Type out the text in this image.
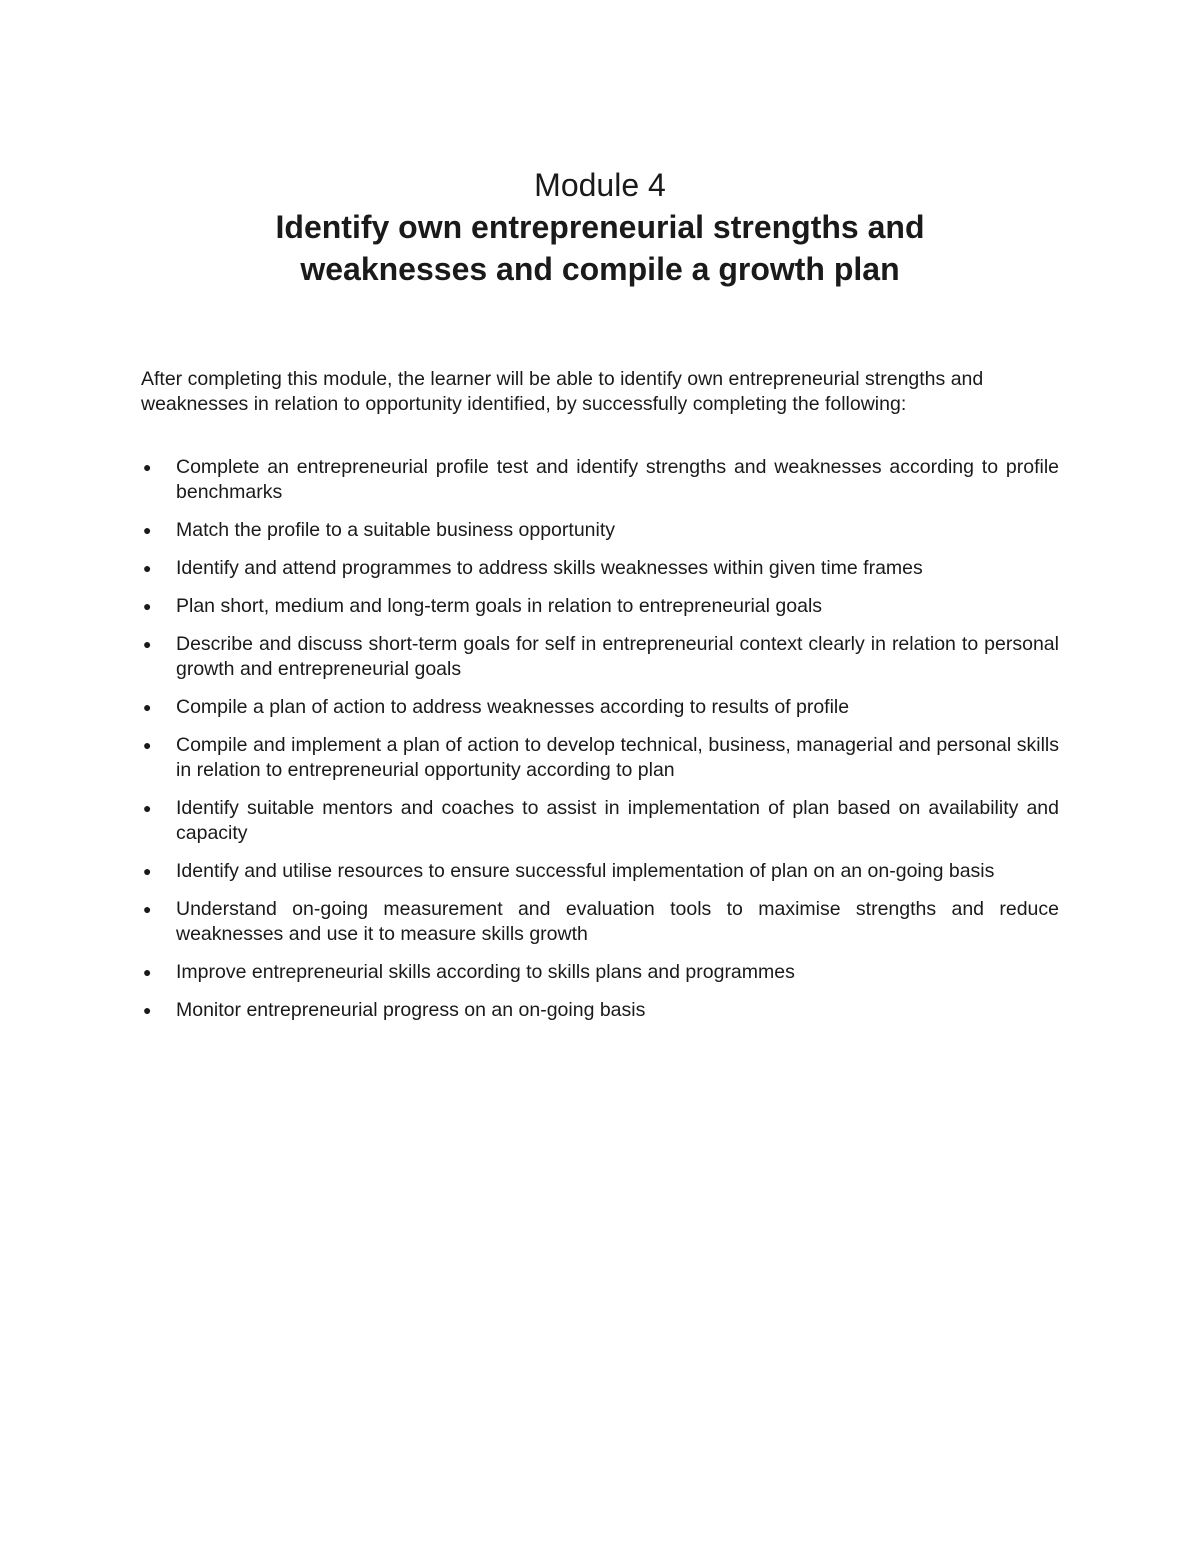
Module 4

Identify own entrepreneurial strengths and

weaknesses and compile a growth plan

After completing this module, the learner will be able to identify own entrepreneurial strengths and weaknesses in relation to opportunity identified, by successfully completing the following:

● Complete an entrepreneurial profile test and identify strengths and weaknesses according to profile benchmarks
● Match the profile to a suitable business opportunity
● Identify and attend programmes to address skills weaknesses within given time frames
● Plan short, medium and long-term goals in relation to entrepreneurial goals
● Describe and discuss short-term goals for self in entrepreneurial context clearly in relation to personal growth and entrepreneurial goals
● Compile a plan of action to address weaknesses according to results of profile
● Compile and implement a plan of action to develop technical, business, managerial and personal skills in relation to entrepreneurial opportunity according to plan
● Identify suitable mentors and coaches to assist in implementation of plan based on availability and capacity
● Identify and utilise resources to ensure successful implementation of plan on an on-going basis
● Understand on-going measurement and evaluation tools to maximise strengths and reduce weaknesses and use it to measure skills growth
● Improve entrepreneurial skills according to skills plans and programmes
● Monitor entrepreneurial progress on an on-going basis
